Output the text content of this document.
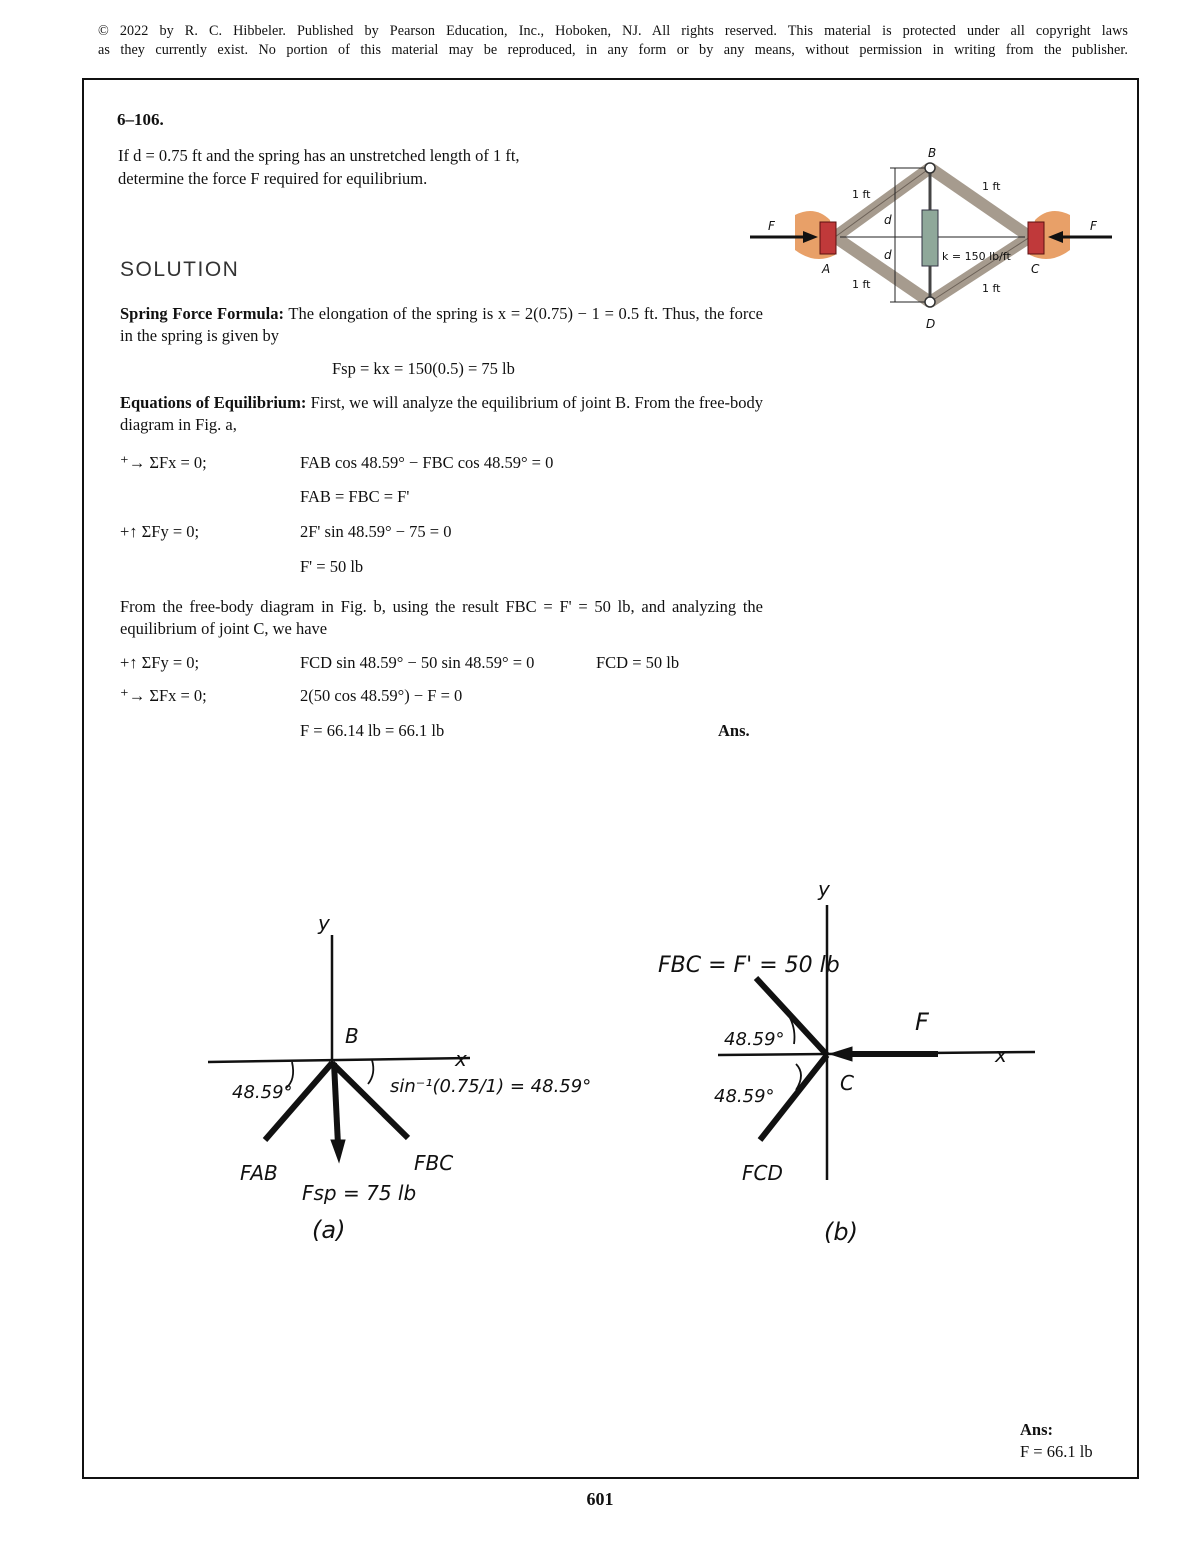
© 2022 by R. C. Hibbeler. Published by Pearson Education, Inc., Hoboken, NJ. All rights reserved. This material is protected under all copyright laws
as they currently exist. No portion of this material may be reproduced, in any form or by any means, without permission in writing from the publisher.
6–106.
If d = 0.75 ft and the spring has an unstretched length of 1 ft,
determine the force F required for equilibrium.
B
D
A	C
F	F
d
d
1 ft
1 ft
1 ft	1 ft
k = 150 lb/ft
SOLUTION
Spring Force Formula: The elongation of the spring is x = 2(0.75) − 1 = 0.5 ft. Thus, the force in the spring is given by
Fsp = kx = 150(0.5) = 75 lb
Equations of Equilibrium: First, we will analyze the equilibrium of joint B. From the free-body diagram in Fig. a,
⁺→ ΣFx = 0;	FAB cos 48.59° − FBC cos 48.59° = 0
FAB = FBC = F'
+↑ ΣFy = 0;	2F' sin 48.59° − 75 = 0
F' = 50 lb
From the free-body diagram in Fig. b, using the result FBC = F' = 50 lb, and analyzing the equilibrium of joint C, we have
+↑ ΣFy = 0;	FCD sin 48.59° − 50 sin 48.59° = 0	FCD = 50 lb
⁺→ ΣFx = 0;	2(50 cos 48.59°) − F = 0
F = 66.14 lb = 66.1 lb	Ans.
y
x
B
48.59°	sin⁻¹(0.75/1) = 48.59°
FAB	FBC
Fsp = 75 lb
(a)
y
x
C
F
FBC = F' = 50 lb
48.59°
48.59°
FCD
(b)
Ans:
F = 66.1 lb
601
